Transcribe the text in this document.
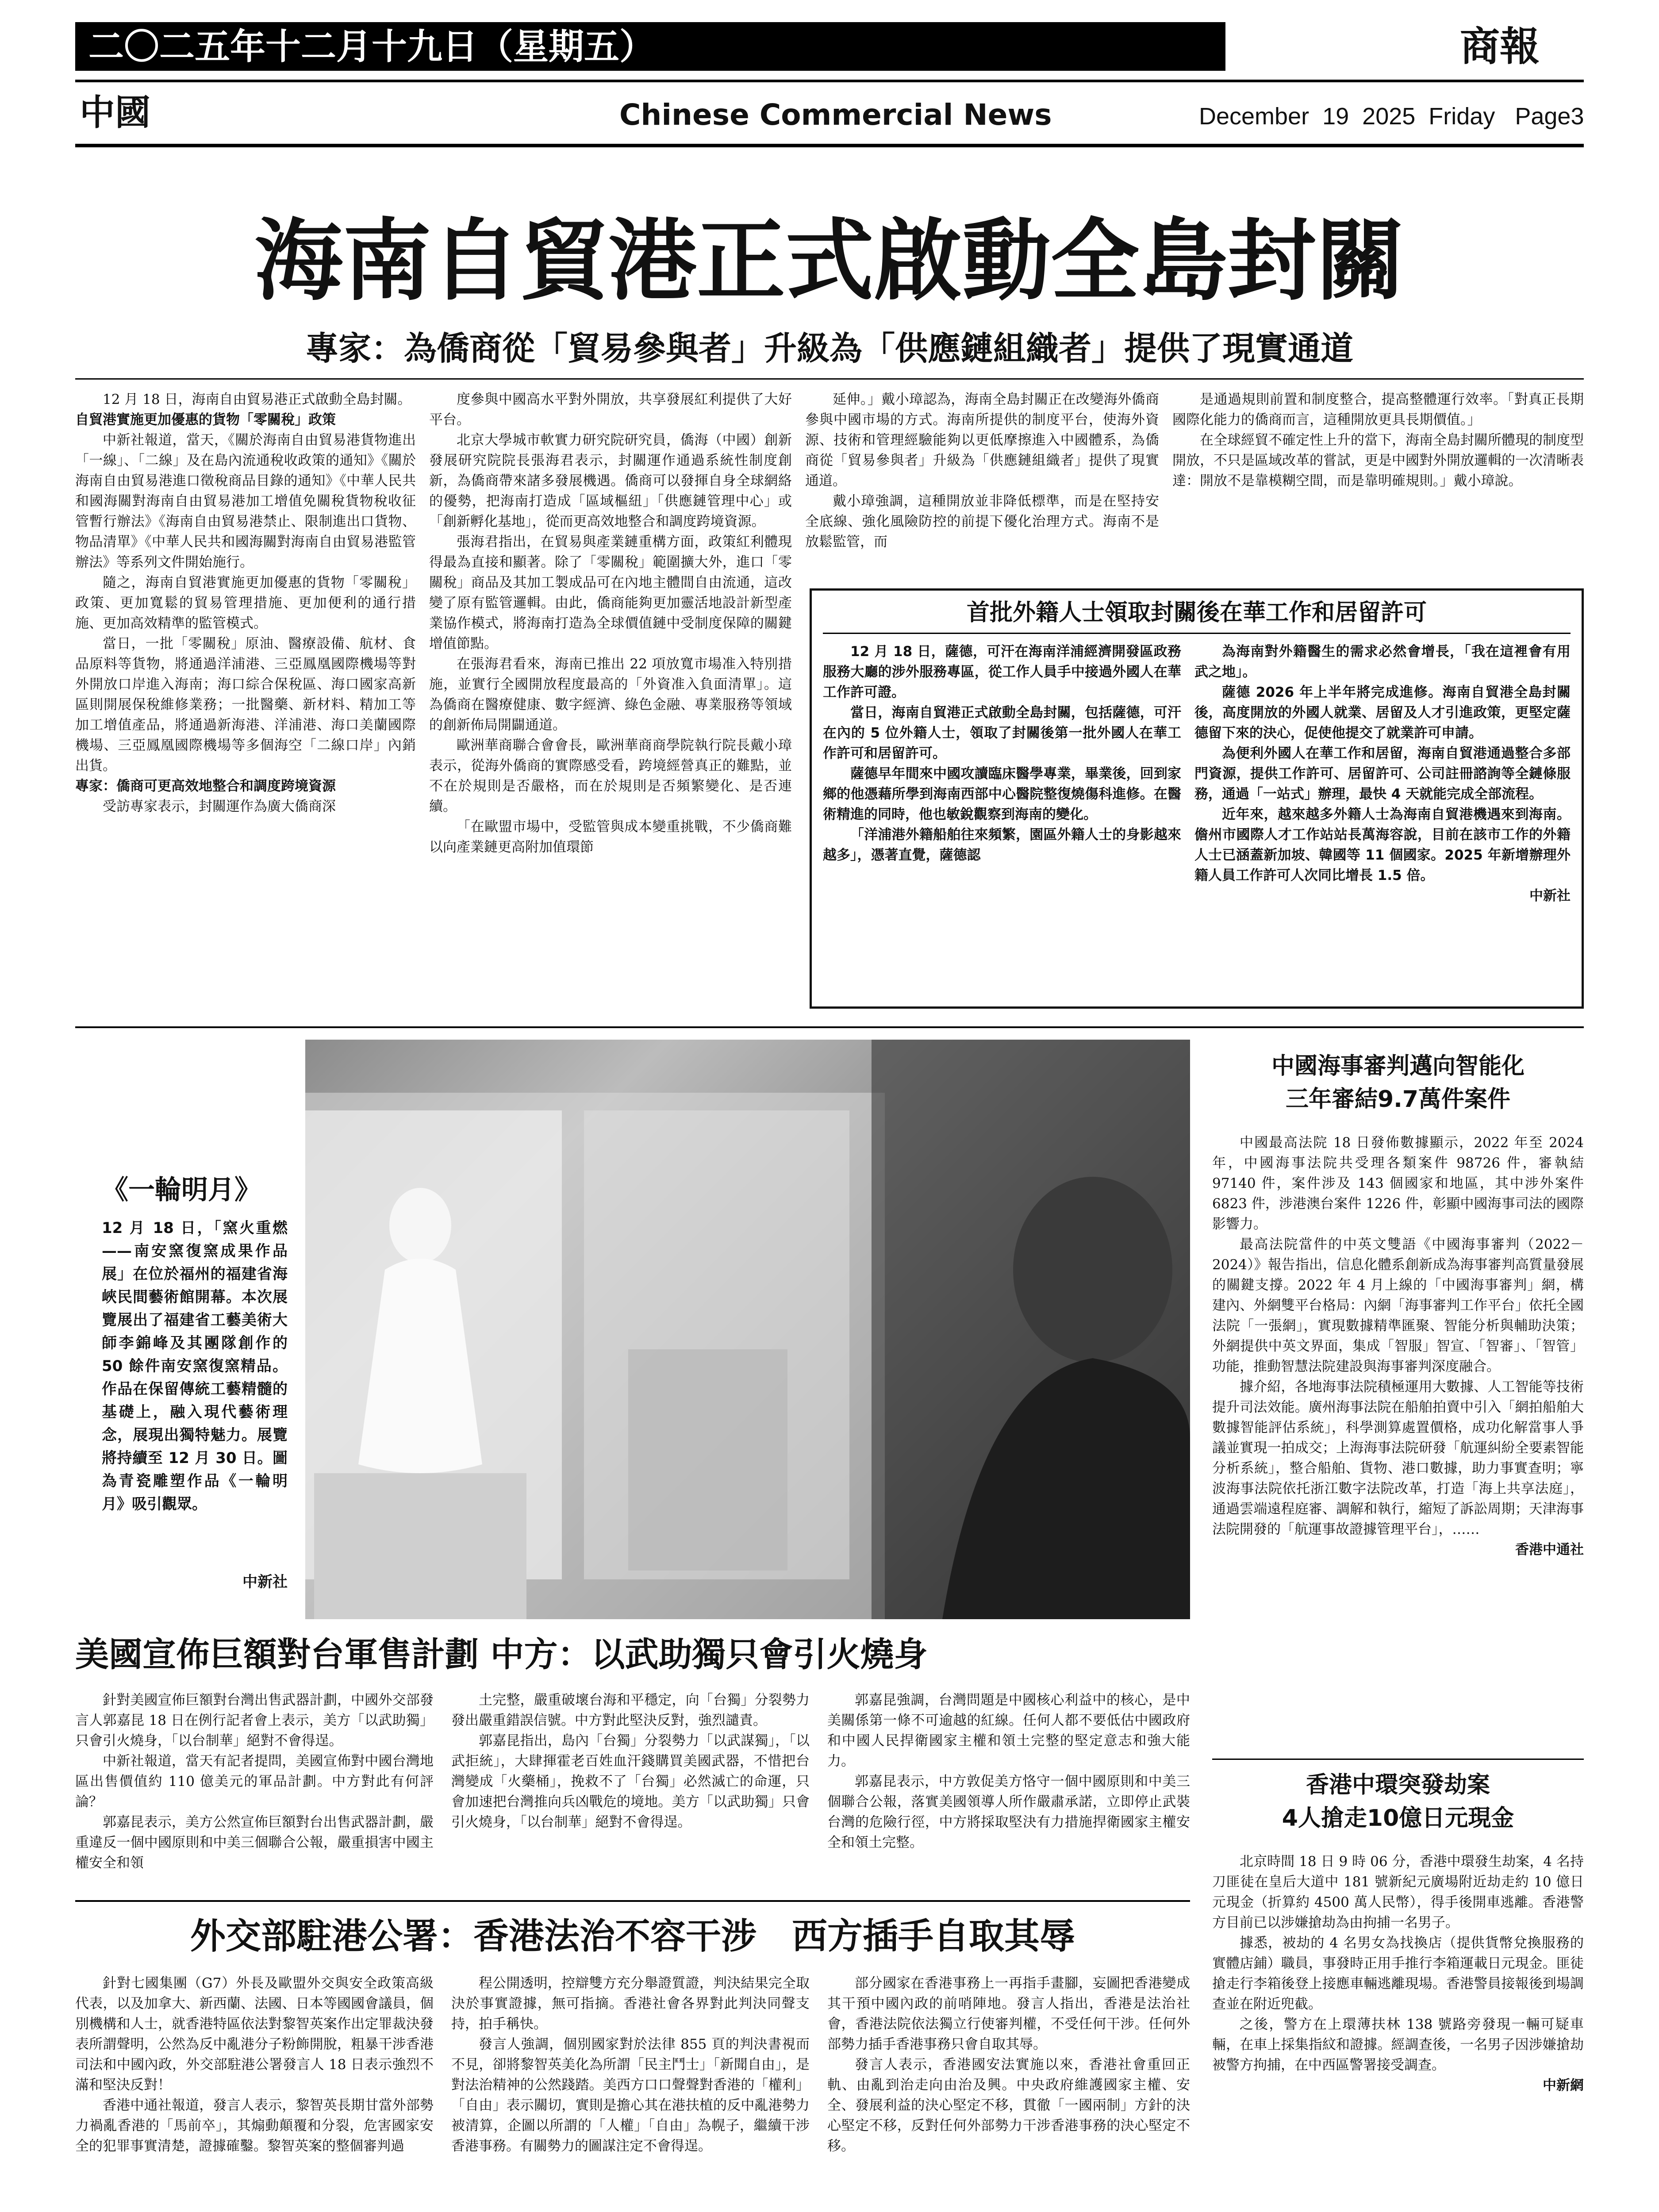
二〇二五年十二月十九日（星期五）	商報
中國	Chinese Commercial News	December  19  2025  Friday   Page3
海南自貿港正式啟動全島封關
專家：為僑商從「貿易參與者」升級為「供應鏈組織者」提供了現實通道

12 月 18 日，海南自由貿易港正式啟動全島封關。

自貿港實施更加優惠的貨物「零關稅」政策

中新社報道，當天，《關於海南自由貿易港貨物進出「一線」、「二線」及在島內流通稅收政策的通知》《關於海南自由貿易港進口徵稅商品目錄的通知》《中華人民共和國海關對海南自由貿易港加工增值免關稅貨物稅收征管暫行辦法》《海南自由貿易港禁止、限制進出口貨物、物品清單》《中華人民共和國海關對海南自由貿易港監管辦法》等系列文件開始施行。

隨之，海南自貿港實施更加優惠的貨物「零關稅」政策、更加寬鬆的貿易管理措施、更加便利的通行措施、更加高效精準的監管模式。

當日，一批「零關稅」原油、醫療設備、航材、食品原料等貨物，將通過洋浦港、三亞鳳凰國際機場等對外開放口岸進入海南；海口綜合保稅區、海口國家高新區則開展保稅維修業務；一批醫藥、新材料、精加工等加工增值產品，將通過新海港、洋浦港、海口美蘭國際機場、三亞鳳凰國際機場等多個海空「二線口岸」內銷出貨。

專家：僑商可更高效地整合和調度跨境資源

受訪專家表示，封關運作為廣大僑商深

度參與中國高水平對外開放，共享發展紅利提供了大好平台。

北京大學城市軟實力研究院研究員，僑海（中國）創新發展研究院院長張海君表示，封關運作通過系統性制度創新，為僑商帶來諸多發展機遇。僑商可以發揮自身全球網絡的優勢，把海南打造成「區域樞紐」「供應鏈管理中心」或「創新孵化基地」，從而更高效地整合和調度跨境資源。

張海君指出，在貿易與產業鏈重構方面，政策紅利體現得最為直接和顯著。除了「零關稅」範圍擴大外，進口「零關稅」商品及其加工製成品可在內地主體間自由流通，這改變了原有監管邏輯。由此，僑商能夠更加靈活地設計新型產業協作模式，將海南打造為全球價值鏈中受制度保障的關鍵增值節點。

在張海君看來，海南已推出 22 項放寬市場准入特別措施，並實行全國開放程度最高的「外資准入負面清單」。這為僑商在醫療健康、數字經濟、綠色金融、專業服務等領域的創新佈局開闢通道。

歐洲華商聯合會會長，歐洲華商商學院執行院長戴小璋表示，從海外僑商的實際感受看，跨境經營真正的難點，並不在於規則是否嚴格，而在於規則是否頻繁變化、是否連續。

「在歐盟市場中，受監管與成本變重挑戰，不少僑商難以向產業鏈更高附加值環節

延伸。」戴小璋認為，海南全島封關正在改變海外僑商參與中國市場的方式。海南所提供的制度平台，使海外資源、技術和管理經驗能夠以更低摩擦進入中國體系，為僑商從「貿易參與者」升級為「供應鏈組織者」提供了現實通道。

戴小璋強調，這種開放並非降低標準，而是在堅持安全底線、強化風險防控的前提下優化治理方式。海南不是放鬆監管，而

是通過規則前置和制度整合，提高整體運行效率。「對真正長期國際化能力的僑商而言，這種開放更具長期價值。」

在全球經貿不確定性上升的當下，海南全島封關所體現的制度型開放，不只是區域改革的嘗試，更是中國對外開放邏輯的一次清晰表達：開放不是靠模糊空間，而是靠明確規則。」戴小璋說。

首批外籍人士領取封關後在華工作和居留許可

12 月 18 日，薩德，可汗在海南洋浦經濟開發區政務服務大廳的涉外服務專區，從工作人員手中接過外國人在華工作許可證。

當日，海南自貿港正式啟動全島封關，包括薩德，可汗在內的 5 位外籍人士，領取了封關後第一批外國人在華工作許可和居留許可。

薩德早年間來中國攻讀臨床醫學專業，畢業後，回到家鄉的他憑藉所學到海南西部中心醫院整復燒傷科進修。在醫術精進的同時，他也敏銳觀察到海南的變化。

「洋浦港外籍船舶往來頻繁，園區外籍人士的身影越來越多」，憑著直覺，薩德認

為海南對外籍醫生的需求必然會增長，「我在這裡會有用武之地」。

薩德 2026 年上半年將完成進修。海南自貿港全島封關後，高度開放的外國人就業、居留及人才引進政策，更堅定薩德留下來的決心，促使他提交了就業許可申請。

為便利外國人在華工作和居留，海南自貿港通過整合多部門資源，提供工作許可、居留許可、公司註冊諮詢等全鏈條服務，通過「一站式」辦理，最快 4 天就能完成全部流程。

近年來，越來越多外籍人士為海南自貿港機遇來到海南。儋州市國際人才工作站站長萬海容說，目前在該市工作的外籍人士已涵蓋新加坡、韓國等 11 個國家。2025 年新增辦理外籍人員工作許可人次同比增長 1.5 倍。

中新社
《一輪明月》
12 月 18 日，「窯火重燃——南安窯復窯成果作品展」在位於福州的福建省海峽民間藝術館開幕。本次展覽展出了福建省工藝美術大師李錦峰及其團隊創作的 50 餘件南安窯復窯精品。作品在保留傳統工藝精髓的基礎上，融入現代藝術理念，展現出獨特魅力。展覽將持續至 12 月 30 日。圖為青瓷雕塑作品《一輪明月》吸引觀眾。
中新社
中國海事審判邁向智能化
三年審結9.7萬件案件

中國最高法院 18 日發佈數據顯示，2022 年至 2024 年，中國海事法院共受理各類案件 98726 件，審執結 97140 件，案件涉及 143 個國家和地區，其中涉外案件 6823 件，涉港澳台案件 1226 件，彰顯中國海事司法的國際影響力。

最高法院當件的中英文雙語《中國海事審判（2022－2024）》報告指出，信息化體系創新成為海事審判高質量發展的關鍵支撐。2022 年 4 月上線的「中國海事審判」網，構建內、外網雙平台格局：內網「海事審判工作平台」依托全國法院「一張網」，實現數據精準匯聚、智能分析與輔助決策；外網提供中英文界面，集成「智服」智宣、「智審」、「智管」功能，推動智慧法院建設與海事審判深度融合。

據介紹，各地海事法院積極運用大數據、人工智能等技術提升司法效能。廣州海事法院在船舶拍賣中引入「網拍船舶大數據智能評估系統」，科學測算處置價格，成功化解當事人爭議並實現一拍成交；上海海事法院研發「航運糾紛全要素智能分析系統」，整合船舶、貨物、港口數據，助力事實查明；寧波海事法院依托浙江數字法院改革，打造「海上共享法庭」，通過雲端遠程庭審、調解和執行，縮短了訴訟周期；天津海事法院開發的「航運事故證據管理平台」，……

香港中通社
香港中環突發劫案
4人搶走10億日元現金

北京時間 18 日 9 時 06 分，香港中環發生劫案，4 名持刀匪徒在皇后大道中 181 號新紀元廣場附近劫走約 10 億日元現金（折算約 4500 萬人民幣），得手後開車逃離。香港警方目前已以涉嫌搶劫為由拘捕一名男子。

據悉，被劫的 4 名男女為找換店（提供貨幣兌換服務的實體店鋪）職員，事發時正用手推行李箱運載日元現金。匪徒搶走行李箱後登上接應車輛逃離現場。香港警員接報後到場調查並在附近兜截。

之後，警方在上環薄扶林 138 號路旁發現一輛可疑車輛，在車上採集指紋和證據。經調查後，一名男子因涉嫌搶劫被警方拘捕，在中西區警署接受調查。

中新網

美國宣佈巨額對台軍售計劃 中方：以武助獨只會引火燒身

針對美國宣佈巨額對台灣出售武器計劃，中國外交部發言人郭嘉昆 18 日在例行記者會上表示，美方「以武助獨」只會引火燒身，「以台制華」絕對不會得逞。

中新社報道，當天有記者提問，美國宣佈對中國台灣地區出售價值約 110 億美元的軍品計劃。中方對此有何評論？

郭嘉昆表示，美方公然宣佈巨額對台出售武器計劃，嚴重違反一個中國原則和中美三個聯合公報，嚴重損害中國主權安全和領

土完整，嚴重破壞台海和平穩定，向「台獨」分裂勢力發出嚴重錯誤信號。中方對此堅決反對，強烈譴責。

郭嘉昆指出，島內「台獨」分裂勢力「以武謀獨」，「以武拒統」，大肆揮霍老百姓血汗錢購買美國武器，不惜把台灣變成「火藥桶」，挽救不了「台獨」必然滅亡的命運，只會加速把台灣推向兵凶戰危的境地。美方「以武助獨」只會引火燒身，「以台制華」絕對不會得逞。

郭嘉昆強調，台灣問題是中國核心利益中的核心，是中美關係第一條不可逾越的紅線。任何人都不要低估中國政府和中國人民捍衛國家主權和領土完整的堅定意志和強大能力。

郭嘉昆表示，中方敦促美方恪守一個中國原則和中美三個聯合公報，落實美國領導人所作嚴肅承諾，立即停止武裝台灣的危險行徑，中方將採取堅決有力措施捍衛國家主權安全和領土完整。

外交部駐港公署：香港法治不容干涉　西方插手自取其辱

針對七國集團（G7）外長及歐盟外交與安全政策高級代表，以及加拿大、新西蘭、法國、日本等國國會議員，個別機構和人士，就香港特區依法對黎智英案作出定罪裁決發表所謂聲明，公然為反中亂港分子粉飾開脫，粗暴干涉香港司法和中國內政，外交部駐港公署發言人 18 日表示強烈不滿和堅決反對！

香港中通社報道，發言人表示，黎智英長期甘當外部勢力禍亂香港的「馬前卒」，其煽動顛覆和分裂，危害國家安全的犯罪事實清楚，證據確鑿。黎智英案的整個審判過

程公開透明，控辯雙方充分舉證質證，判決結果完全取決於事實證據，無可指摘。香港社會各界對此判決同聲支持，拍手稱快。

發言人強調，個別國家對於法律 855 頁的判決書視而不見，卻將黎智英美化為所謂「民主鬥士」「新聞自由」，是對法治精神的公然踐踏。美西方口口聲聲對香港的「權利」「自由」表示關切，實則是擔心其在港扶植的反中亂港勢力被清算，企圖以所謂的「人權」「自由」為幌子，繼續干涉香港事務。有關勢力的圖謀注定不會得逞。

部分國家在香港事務上一再指手畫腳，妄圖把香港變成其干預中國內政的前哨陣地。發言人指出，香港是法治社會，香港法院依法獨立行使審判權，不受任何干涉。任何外部勢力插手香港事務只會自取其辱。

發言人表示，香港國安法實施以來，香港社會重回正軌、由亂到治走向由治及興。中央政府維護國家主權、安全、發展利益的決心堅定不移，貫徹「一國兩制」方針的決心堅定不移，反對任何外部勢力干涉香港事務的決心堅定不移。
